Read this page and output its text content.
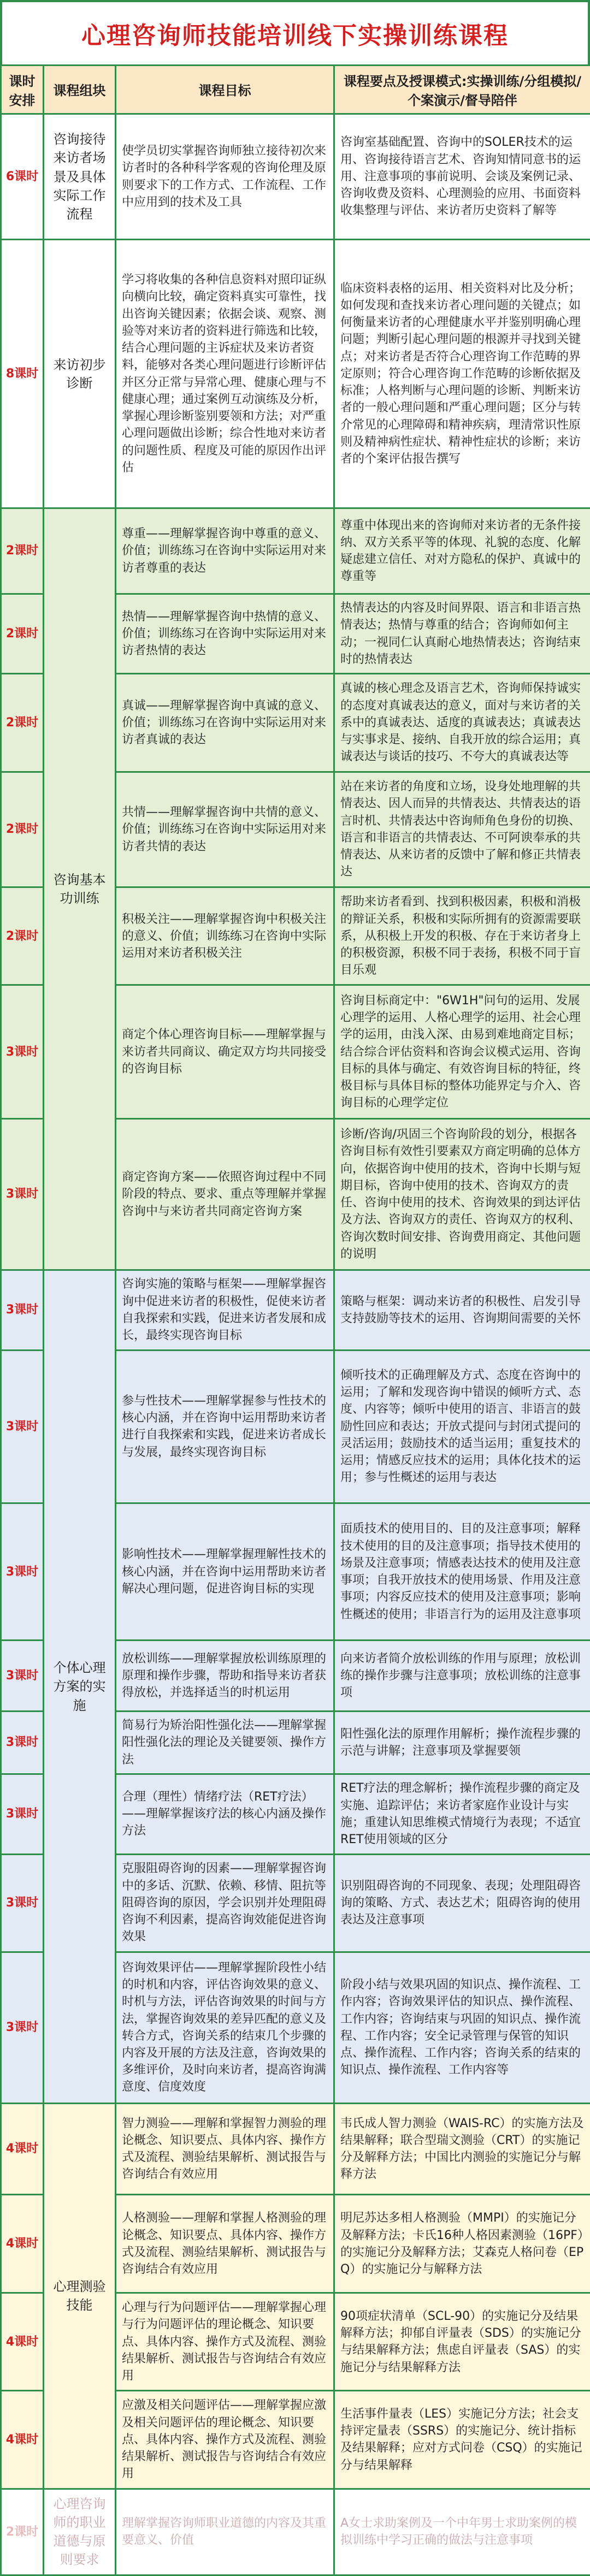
心理咨询师技能培训线下实操训练课程
课时安排	课程组块	课程目标	课程要点及授课模式:实操训练/分组模拟/个案演示/督导陪伴
6课时	咨询接待来访者场景及具体实际工作流程	使学员切实掌握咨询师独立接待初次来访者时的各种科学客观的咨询伦理及原则要求下的工作方式、工作流程、工作中应用到的技术及工具	咨询室基础配置、咨询中的SOLER技术的运用、咨询接待语言艺术、咨询知情同意书的运用、注意事项的事前说明、会谈及案例记录、咨询收费及资料、心理测验的应用、书面资料收集整理与评估、来访者历史资料了解等
8课时	来访初步诊断	学习将收集的各种信息资料对照印证纵向横向比较，确定资料真实可靠性，找出咨询关键因素；依据会谈、观察、测验等对来访者的资料进行筛选和比较，结合心理问题的主诉症状及来访者资料，能够对各类心理问题进行诊断评估并区分正常与异常心理、健康心理与不健康心理；通过案例互动演练及分析，掌握心理诊断鉴别要领和方法；对严重心理问题做出诊断；综合性地对来访者的问题性质、程度及可能的原因作出评估	临床资料表格的运用、相关资料对比及分析；如何发现和查找来访者心理问题的关键点；如何衡量来访者的心理健康水平并鉴别明确心理问题；判断引起心理问题的根源并寻找到关键点；对来访者是否符合心理咨询工作范畴的界定原则；符合心理咨询工作范畴的诊断依据及标准；人格判断与心理问题的诊断、判断来访者的一般心理问题和严重心理问题；区分与转介常见的心理障碍和精神疾病，理清常识性原则及精神病性症状、精神性症状的诊断；来访者的个案评估报告撰写
2课时	咨询基本功训练	尊重——理解掌握咨询中尊重的意义、价值；训练练习在咨询中实际运用对来访者尊重的表达	尊重中体现出来的咨询师对来访者的无条件接纳、双方关系平等的体现、礼貌的态度、化解疑虑建立信任、对对方隐私的保护、真诚中的尊重等
2课时		热情——理解掌握咨询中热情的意义、价值；训练练习在咨询中实际运用对来访者热情的表达	热情表达的内容及时间界限、语言和非语言热情表达；热情与尊重的结合；咨询师如何主动；一视同仁认真耐心地热情表达；咨询结束时的热情表达
2课时		真诚——理解掌握咨询中真诚的意义、价值；训练练习在咨询中实际运用对来访者真诚的表达	真诚的核心理念及语言艺术，咨询师保持诚实的态度对真诚表达的意义，面对与来访者的关系中的真诚表达、适度的真诚表达；真诚表达与实事求是、接纳、自我开放的综合运用；真诚表达与谈话的技巧、不夸大的真诚表达等
2课时		共情——理解掌握咨询中共情的意义、价值；训练练习在咨询中实际运用对来访者共情的表达	站在来访者的角度和立场，设身处地理解的共情表达、因人而异的共情表达、共情表达的语言时机、共情表达中咨询师角色身份的切换、语言和非语言的共情表达、不可阿谀奉承的共情表达、从来访者的反馈中了解和修正共情表达
2课时		积极关注——理解掌握咨询中积极关注的意义、价值；训练练习在咨询中实际运用对来访者积极关注	帮助来访者看到、找到积极因素，积极和消极的辩证关系，积极和实际所拥有的资源需要联系，从积极上开发的积极、存在于来访者身上的积极资源，积极不同于表扬，积极不同于盲目乐观
3课时		商定个体心理咨询目标——理解掌握与来访者共同商议、确定双方均共同接受的咨询目标	咨询目标商定中："6W1H"问句的运用、发展心理学的运用、人格心理学的运用、社会心理学的运用，由浅入深、由易到难地商定目标；结合综合评估资料和咨询会议模式运用、咨询目标的具体与确定、有效咨询目标的特征，终极目标与具体目标的整体功能界定与介入、咨询目标的心理学定位
3课时		商定咨询方案——依照咨询过程中不同阶段的特点、要求、重点等理解并掌握咨询中与来访者共同商定咨询方案	诊断/咨询/巩固三个咨询阶段的划分，根据各咨询目标有效性引要素双方商定明确的总体方向，依据咨询中使用的技术，咨询中长期与短期目标，咨询中使用的技术、咨询双方的责任、咨询中使用的技术、咨询效果的到达评估及方法、咨询双方的责任、咨询双方的权利、咨询次数时间安排、咨询费用商定、其他问题的说明
3课时	个体心理方案的实施	咨询实施的策略与框架——理解掌握咨询中促进来访者的积极性，促使来访者自我探索和实践，促进来访者发展和成长，最终实现咨询目标	策略与框架：调动来访者的积极性、启发引导支持鼓励等技术的运用、咨询期间需要的关怀
3课时		参与性技术——理解掌握参与性技术的核心内涵，并在咨询中运用帮助来访者进行自我探索和实践，促进来访者成长与发展，最终实现咨询目标	倾听技术的正确理解及方式、态度在咨询中的运用；了解和发现咨询中错误的倾听方式、态度、内容等；倾听中使用的语言、非语言的鼓励性回应和表达；开放式提问与封闭式提问的灵活运用；鼓励技术的适当运用；重复技术的运用；情感反应技术的运用；具体化技术的运用；参与性概述的运用与表达
3课时		影响性技术——理解掌握理解性技术的核心内涵，并在咨询中运用帮助来访者解决心理问题，促进咨询目标的实现	面质技术的使用目的、目的及注意事项；解释技术使用的目的及注意事项；指导技术使用的场景及注意事项；情感表达技术的使用及注意事项；自我开放技术的使用场景、作用及注意事项；内容反应技术的使用及注意事项；影响性概述的使用；非语言行为的运用及注意事项
3课时		放松训练——理解掌握放松训练原理的原理和操作步骤，帮助和指导来访者获得放松，并选择适当的时机运用	向来访者简介放松训练的作用与原理；放松训练的操作步骤与注意事项；放松训练的注意事项
3课时		简易行为矫治阳性强化法——理解掌握阳性强化法的理论及关键要领、操作方法	阳性强化法的原理作用解析；操作流程步骤的示范与讲解；注意事项及掌握要领
3课时		合理（理性）情绪疗法（RET疗法）——理解掌握该疗法的核心内涵及操作方法	RET疗法的理念解析；操作流程步骤的商定及实施、追踪评估；来访者家庭作业设计与实施；重建认知思维模式情境行为表现；不适宜RET使用领域的区分
3课时		克服阻碍咨询的因素——理解掌握咨询中的多话、沉默、依赖、移情、阻抗等阻碍咨询的原因，学会识别并处理阻碍咨询不利因素，提高咨询效能促进咨询效果	识别阻碍咨询的不同现象、表现；处理阻碍咨询的策略、方式、表达艺术；阻碍咨询的使用表达及注意事项
3课时		咨询效果评估——理解掌握阶段性小结的时机和内容，评估咨询效果的意义、时机与方法，评估咨询效果的时间与方法，掌握咨询效果的差异匹配的意义及转合方式，咨询关系的结束几个步骤的内容及开展的方法及注意，咨询效果的多维评价，及时向来访者，提高咨询满意度、信度效度	阶段小结与效果巩固的知识点、操作流程、工作内容；咨询效果评估的知识点、操作流程、工作内容；咨询结束与巩固的知识点、操作流程、工作内容；安全记录管理与保管的知识点、操作流程、工作内容；咨询关系的结束的知识点、操作流程、工作内容等
4课时	心理测验技能	智力测验——理解和掌握智力测验的理论概念、知识要点、具体内容、操作方式及流程、测验结果解析、测试报告与咨询结合有效应用	韦氏成人智力测验（WAIS-RC）的实施方法及结果解释；联合型瑞文测验（CRT）的实施记分及解释方法；中国比内测验的实施记分与解释方法
4课时		人格测验——理解和掌握人格测验的理论概念、知识要点、具体内容、操作方式及流程、测验结果解析、测试报告与咨询结合有效应用	明尼苏达多相人格测验（MMPI）的实施记分及解释方法；卡氏16种人格因素测验（16PF）的实施记分及解释方法；艾森克人格问卷（EPQ）的实施记分与解释方法
4课时		心理与行为问题评估——理解掌握心理与行为问题评估的理论概念、知识要点、具体内容、操作方式及流程、测验结果解析、测试报告与咨询结合有效应用	90项症状清单（SCL-90）的实施记分及结果解释方法；抑郁自评量表（SDS）的实施记分与结果解释方法；焦虑自评量表（SAS）的实施记分与结果解释方法
4课时		应激及相关问题评估——理解掌握应激及相关问题评估的理论概念、知识要点、具体内容、操作方式及流程、测验结果解析、测试报告与咨询结合有效应用	生活事件量表（LES）实施记分方法；社会支持评定量表（SSRS）的实施记分、统计指标及结果解释；应对方式问卷（CSQ）的实施记分与结果解释
2课时	心理咨询师的职业道德与原则要求	理解掌握咨询师职业道德的内容及其重要意义、价值	A女士求助案例及一个中年男士求助案例的模拟训练中学习正确的做法与注意事项
